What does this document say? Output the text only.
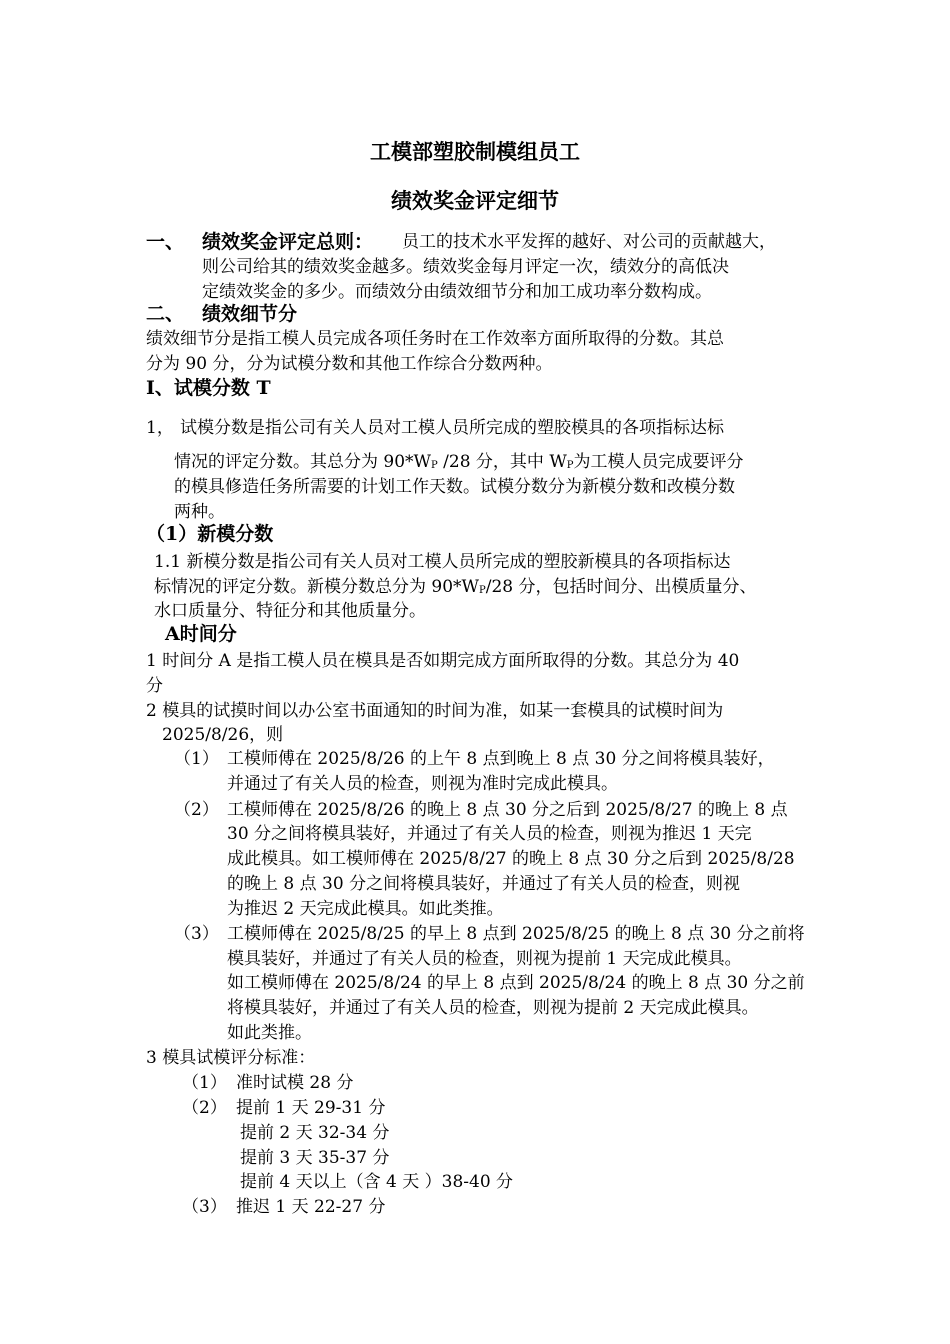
工模部塑胶制模组员工
绩效奖金评定细节
一、 绩效奖金评定总则： 员工的技术水平发挥的越好、对公司的贡献越大，
则公司给其的绩效奖金越多。绩效奖金每月评定一次，绩效分的高低决
定绩效奖金的多少。而绩效分由绩效细节分和加工成功率分数构成。
二、 绩效细节分
绩效细节分是指工模人员完成各项任务时在工作效率方面所取得的分数。其总
分为 90 分，分为试模分数和其他工作综合分数两种。
I、试模分数 T
1， 试模分数是指公司有关人员对工模人员所完成的塑胶模具的各项指标达标
情况的评定分数。其总分为 $90*W_P$ /28 分，其中 $W_P$为工模人员完成要评分
的模具修造任务所需要的计划工作天数。试模分数分为新模分数和改模分数
两种。
（1）新模分数
1.1 新模分数是指公司有关人员对工模人员所完成的塑胶新模具的各项指标达
标情况的评定分数。新模分数总分为 $90*W_P/28$ 分，包括时间分、出模质量分、
水口质量分、特征分和其他质量分。
A时间分
1 时间分 A 是指工模人员在模具是否如期完成方面所取得的分数。其总分为 40
分
2 模具的试摸时间以办公室书面通知的时间为准，如某一套模具的试模时间为
2025/8/26，则
（1） 工模师傅在 2025/8/26 的上午 8 点到晚上 8 点 30 分之间将模具装好，
并通过了有关人员的检查，则视为准时完成此模具。
（2） 工模师傅在 2025/8/26 的晚上 8 点 30 分之后到 2025/8/27 的晚上 8 点
30 分之间将模具装好，并通过了有关人员的检查，则视为推迟 1 天完
成此模具。如工模师傅在 2025/8/27 的晚上 8 点 30 分之后到 2025/8/28
的晚上 8 点 30 分之间将模具装好，并通过了有关人员的检查，则视
为推迟 2 天完成此模具。如此类推。
（3） 工模师傅在 2025/8/25 的早上 8 点到 2025/8/25 的晚上 8 点 30 分之前将
模具装好，并通过了有关人员的检查，则视为提前 1 天完成此模具。
如工模师傅在 2025/8/24 的早上 8 点到 2025/8/24 的晚上 8 点 30 分之前
将模具装好，并通过了有关人员的检查，则视为提前 2 天完成此模具。
如此类推。
3 模具试模评分标准：
（1） 准时试模 28 分
（2） 提前 1 天 29-31 分
提前 2 天 32-34 分
提前 3 天 35-37 分
提前 4 天以上（含 4 天 ）38-40 分
（3） 推迟 1 天 22-27 分
